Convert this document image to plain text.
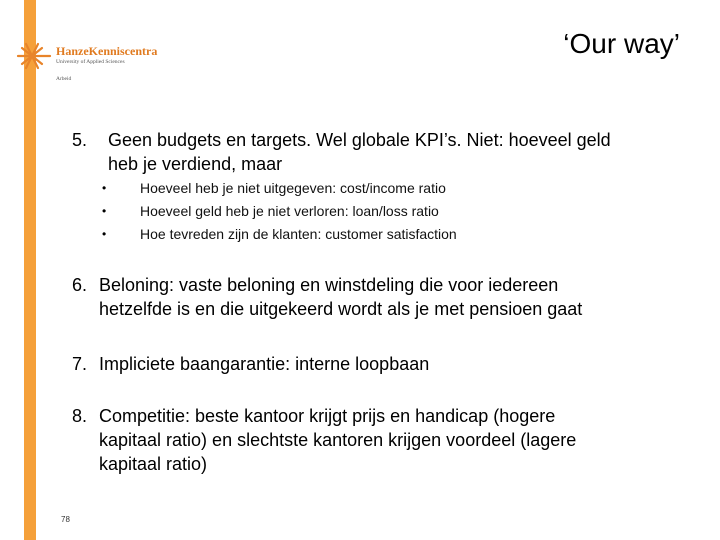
HanzeKenniscentra
University of Applied Sciences
Arbeid
‘Our way’
5. Geen budgets en targets. Wel globale KPI’s. Niet: hoeveel geld
heb je verdiend, maar
• Hoeveel heb je niet uitgegeven: cost/income ratio
• Hoeveel geld heb je niet verloren: loan/loss ratio
• Hoe tevreden zijn de klanten: customer satisfaction
6. Beloning: vaste beloning en winstdeling die voor iedereen
hetzelfde is en die uitgekeerd wordt als je met pensioen gaat
7. Impliciete baangarantie: interne loopbaan
8. Competitie: beste kantoor krijgt prijs en handicap (hogere
kapitaal ratio) en slechtste kantoren krijgen voordeel (lagere
kapitaal ratio)
78
